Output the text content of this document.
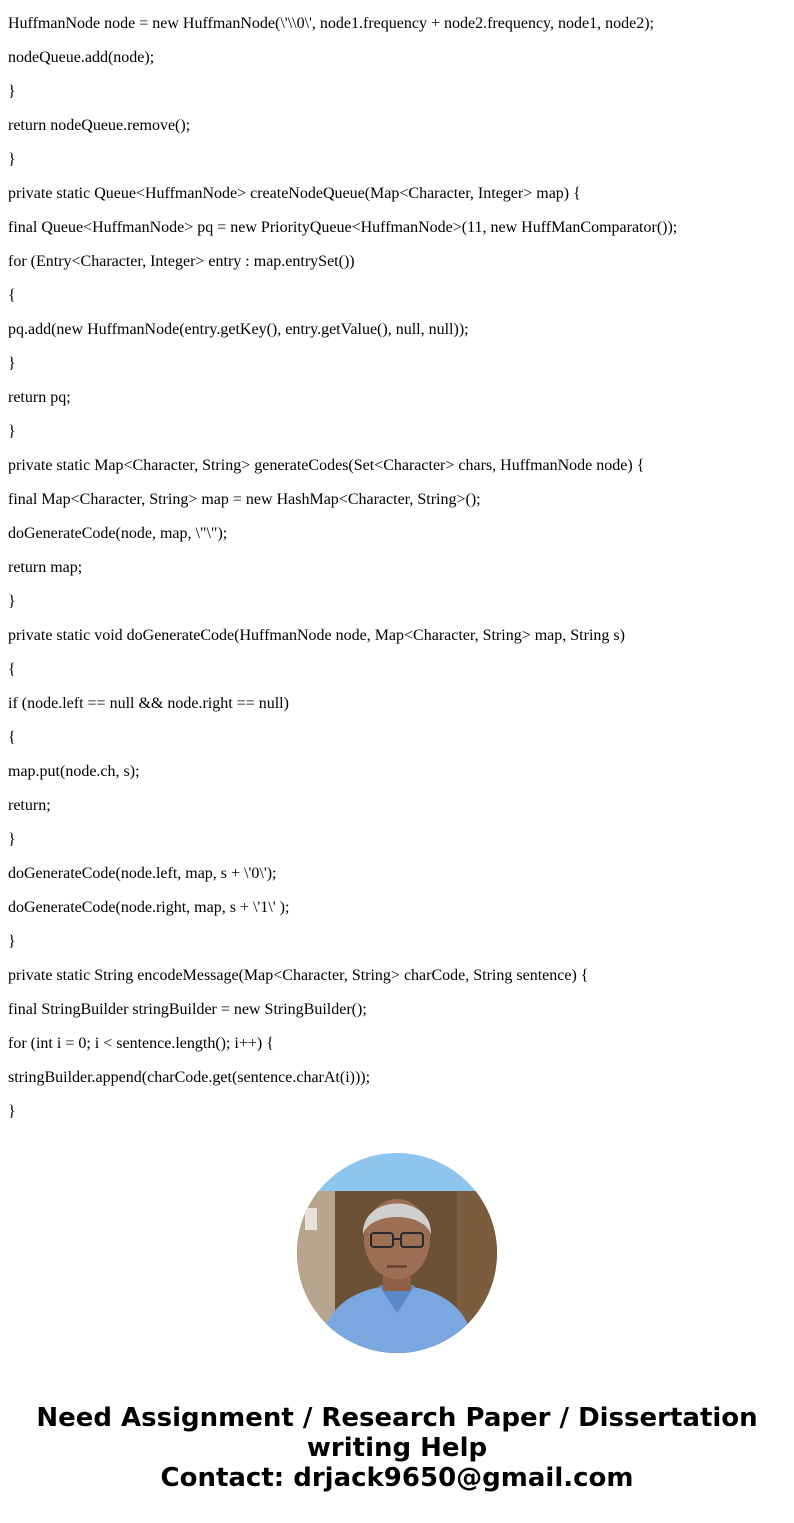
HuffmanNode node = new HuffmanNode(\'\\0\', node1.frequency + node2.frequency, node1, node2);
nodeQueue.add(node);
}
return nodeQueue.remove();
}
private static Queue<HuffmanNode> createNodeQueue(Map<Character, Integer> map) {
final Queue<HuffmanNode> pq = new PriorityQueue<HuffmanNode>(11, new HuffManComparator());
for (Entry<Character, Integer> entry : map.entrySet())
{
pq.add(new HuffmanNode(entry.getKey(), entry.getValue(), null, null));
}
return pq;
}
private static Map<Character, String> generateCodes(Set<Character> chars, HuffmanNode node) {
final Map<Character, String> map = new HashMap<Character, String>();
doGenerateCode(node, map, \"\");
return map;
}
private static void doGenerateCode(HuffmanNode node, Map<Character, String> map, String s)
{
if (node.left == null && node.right == null)
{
map.put(node.ch, s);
return;
}
doGenerateCode(node.left, map, s + \'0\');
doGenerateCode(node.right, map, s + \'1\' );
}
private static String encodeMessage(Map<Character, String> charCode, String sentence) {
final StringBuilder stringBuilder = new StringBuilder();
for (int i = 0; i < sentence.length(); i++) {
stringBuilder.append(charCode.get(sentence.charAt(i)));
}
Need Assignment / Research Paper / Dissertation
writing Help
Contact: drjack9650@gmail.com
